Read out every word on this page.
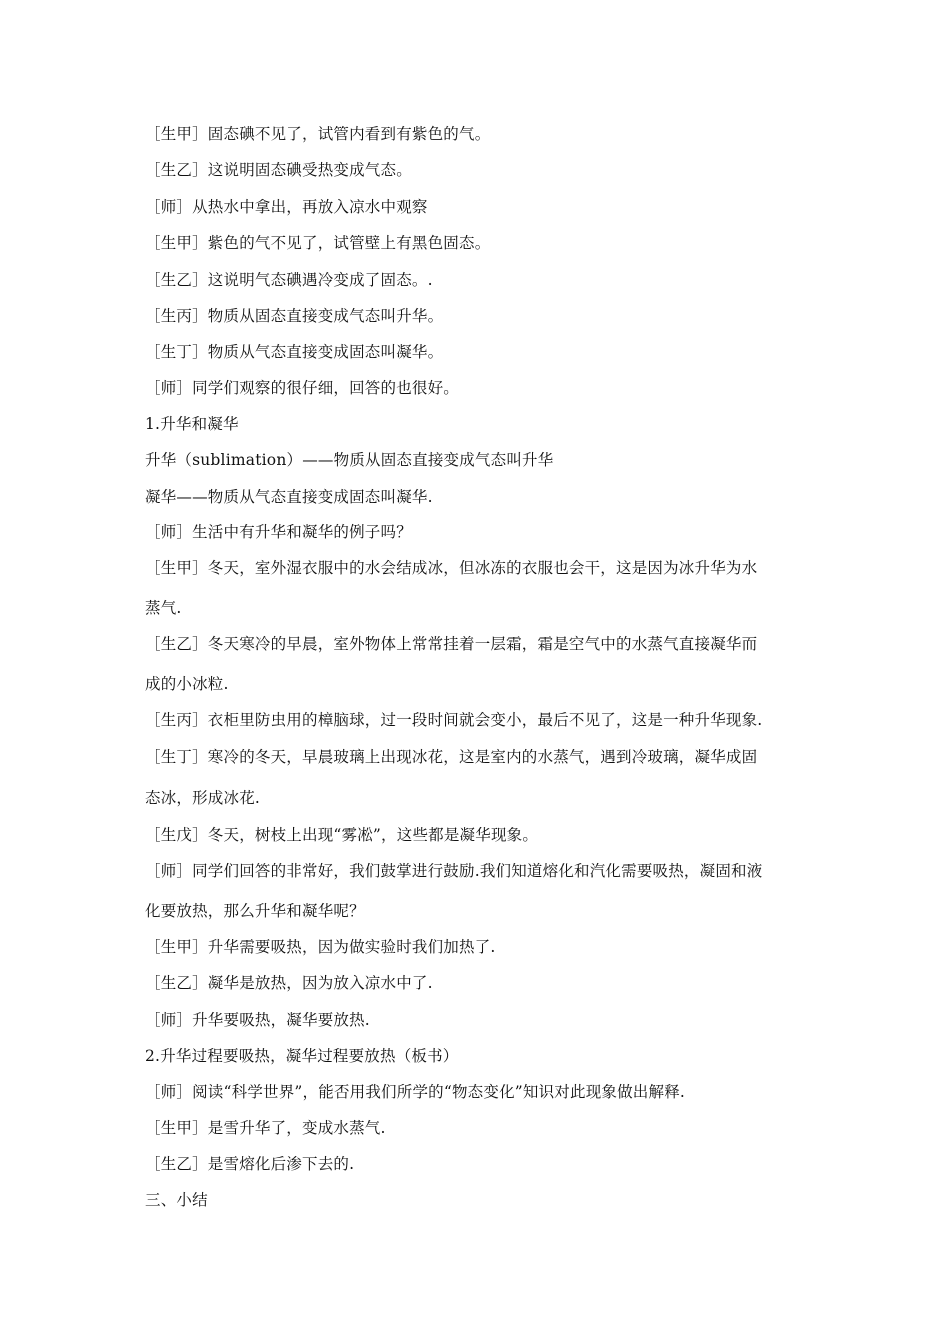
［生甲］固态碘不见了，试管内看到有紫色的气。
［生乙］这说明固态碘受热变成气态。
［师］从热水中拿出，再放入凉水中观察
［生甲］紫色的气不见了，试管壁上有黑色固态。
［生乙］这说明气态碘遇冷变成了固态。.
［生丙］物质从固态直接变成气态叫升华。
［生丁］物质从气态直接变成固态叫凝华。
［师］同学们观察的很仔细，回答的也很好。
1.升华和凝华
升华（sublimation）——物质从固态直接变成气态叫升华
凝华——物质从气态直接变成固态叫凝华.
［师］生活中有升华和凝华的例子吗？
［生甲］冬天，室外湿衣服中的水会结成冰，但冰冻的衣服也会干，这是因为冰升华为水
蒸气.
［生乙］冬天寒冷的早晨，室外物体上常常挂着一层霜，霜是空气中的水蒸气直接凝华而
成的小冰粒.
［生丙］衣柜里防虫用的樟脑球，过一段时间就会变小，最后不见了，这是一种升华现象.
［生丁］寒冷的冬天，早晨玻璃上出现冰花，这是室内的水蒸气，遇到冷玻璃，凝华成固
态冰，形成冰花.
［生戊］冬天，树枝上出现“雾凇”，这些都是凝华现象。
［师］同学们回答的非常好，我们鼓掌进行鼓励.我们知道熔化和汽化需要吸热，凝固和液
化要放热，那么升华和凝华呢？
［生甲］升华需要吸热，因为做实验时我们加热了.
［生乙］凝华是放热，因为放入凉水中了.
［师］升华要吸热，凝华要放热.
2.升华过程要吸热，凝华过程要放热（板书）
［师］阅读“科学世界”，能否用我们所学的“物态变化”知识对此现象做出解释.
［生甲］是雪升华了，变成水蒸气.
［生乙］是雪熔化后渗下去的.
三、小结
